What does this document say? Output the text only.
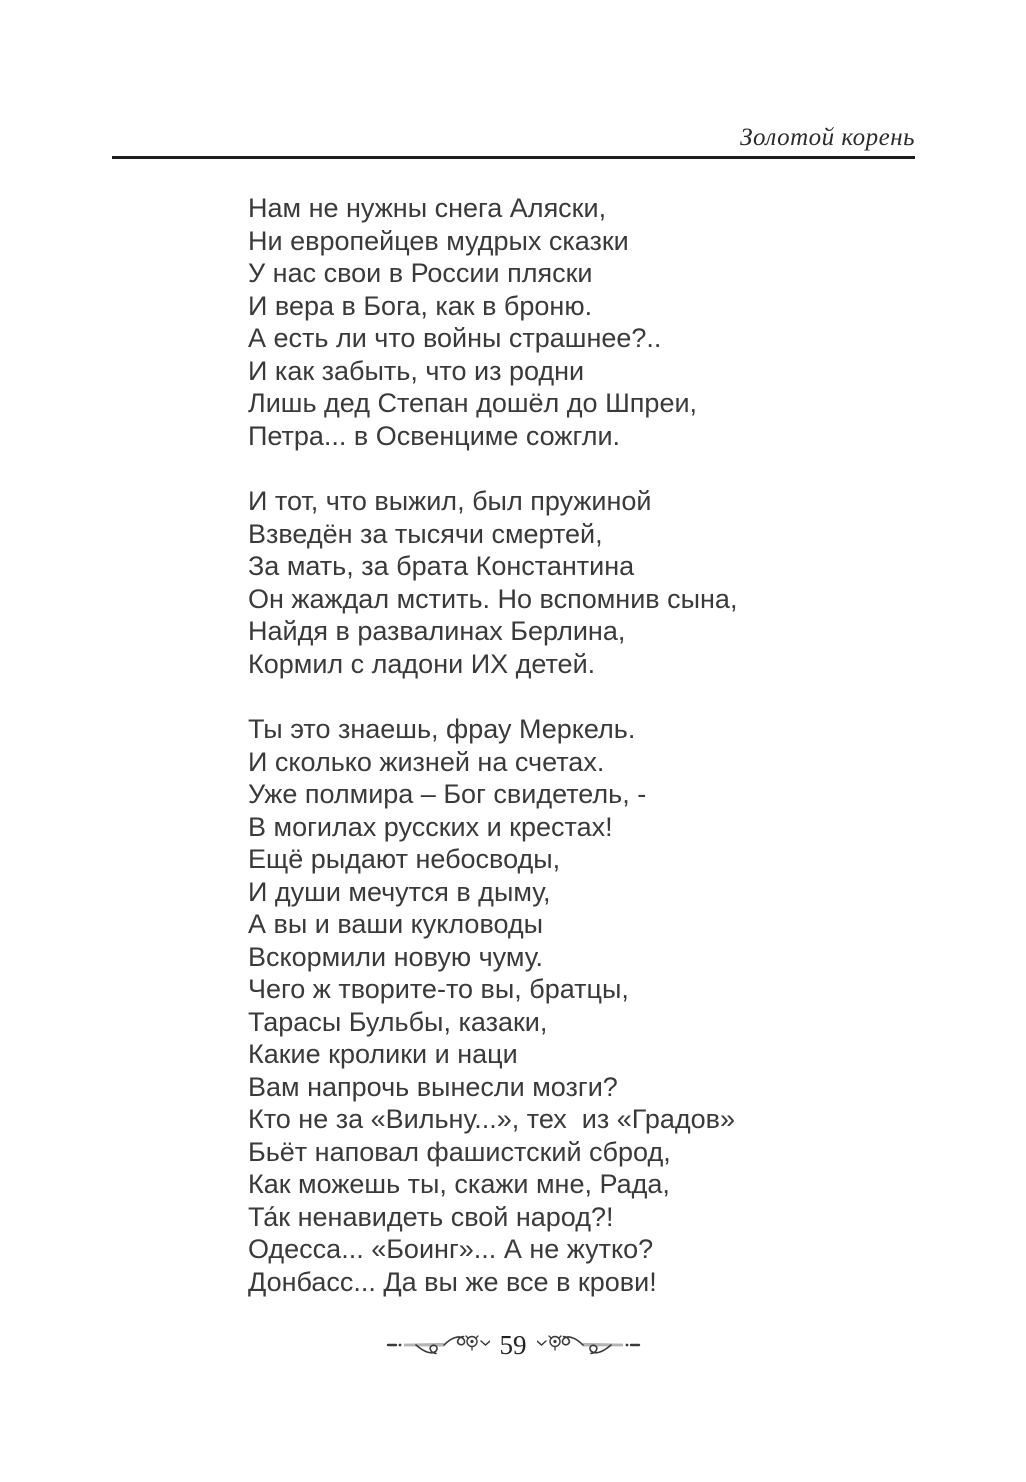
Золотой корень

Нам не нужны снега Аляски,

Ни европейцев мудрых сказки

У нас свои в России пляски

И вера в Бога, как в броню.

А есть ли что войны страшнее?..

И как забыть, что из родни

Лишь дед Степан дошёл до Шпреи,

Петра... в Освенциме сожгли.

И тот, что выжил, был пружиной

Взведён за тысячи смертей,

За мать, за брата Константина

Он жаждал мстить. Но вспомнив сына,

Найдя в развалинах Берлина,

Кормил с ладони ИХ детей.

Ты это знаешь, фрау Меркель.

И сколько жизней на счетах.

Уже полмира – Бог свидетель, -

В могилах русских и крестах!

Ещё рыдают небосводы,

И души мечутся в дыму,

А вы и ваши кукловоды

Вскормили новую чуму.

Чего ж творите-то вы, братцы,

Тарасы Бульбы, казаки,

Какие кролики и наци

Вам напрочь вынесли мозги?

Кто не за «Вильну...», тех  из «Градов»

Бьёт наповал фашистский сброд,

Как можешь ты, скажи мне, Рада,

Та́к ненавидеть свой народ?!

Одесса... «Боинг»... А не жутко?

Донбасс... Да вы же все в крови!

59
